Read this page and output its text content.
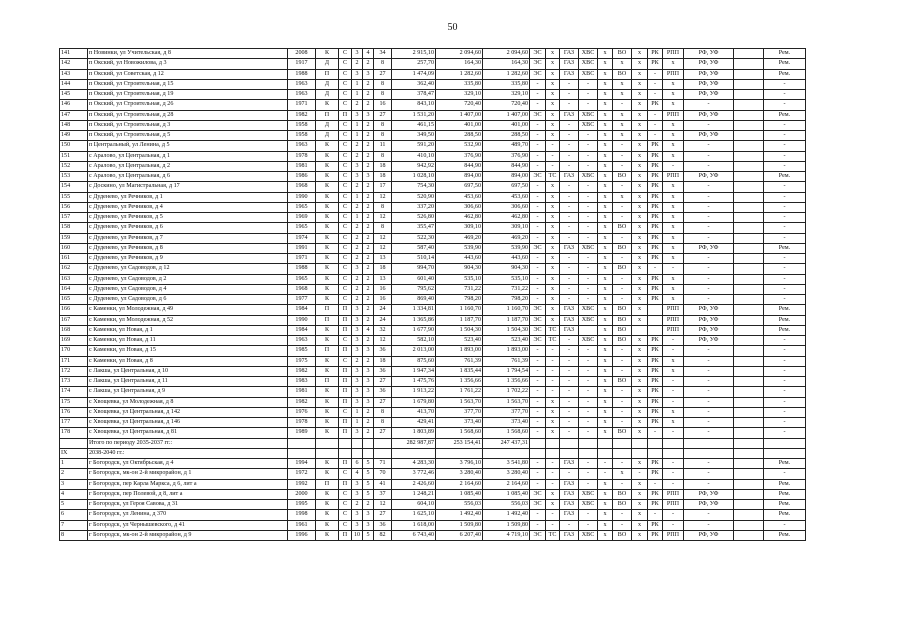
50
141	п Новинки, ул Учительская, д 8	2008	К	С	3	4	34	2 915,10	2 094,60	2 094,60	ЭС	х	ГАЗ	ХВС	х	ВО	х	РК	РПП	РФ, УФ		Рем.
142	п Окский, ул Новожилова, д 3	1917	Д	С	2	2	8	257,70	164,30	164,30	ЭС	х	ГАЗ	ХВС	х	х	х	РК	х	РФ, УФ		Рем.
143	п Окский, ул Советская, д 12	1988	П	С	3	3	27	1 474,09	1 282,60	1 282,60	ЭС	х	ГАЗ	ХВС	х	ВО	х	-	РПП	РФ, УФ		Рем.
144	п Окский, ул Строительная, д 15	1963	Д	С	1	2	8	362,40	335,80	335,80	-	х	-	-	х	х	х	-	х	РФ, УФ		-
145	п Окский, ул Строительная, д 19	1963	Д	С	1	2	8	378,47	329,10	329,10	-	х	-	-	х	х	х	-	х	РФ, УФ		-
146	п Окский, ул Строительная, д 26	1971	К	С	2	2	16	843,10	720,40	720,40	-	х	-	-	х	-	х	РК	х	-		-
147	п Окский, ул Строительная, д 28	1982	П	П	3	3	27	1 531,20	1 407,00	1 407,00	ЭС	х	ГАЗ	ХВС	х	х	х	-	РПП	РФ, УФ		Рем.
148	п Окский, ул Строительная, д 3	1958	Д	С	1	2	8	461,15	401,00	401,00	-	х	-	ХВС	х	х	х	-	х	-		-
149	п Окский, ул Строительная, д 5	1958	Д	С	1	2	8	349,50	288,50	288,50	-	х	-	-	х	х	х	-	х	РФ, УФ		-
150	п Центральный, ул Ленина, д 5	1963	К	С	2	2	11	591,20	532,90	489,70	-	-	-	-	х	-	х	РК	х	-		-
151	с Аралово, ул Центральная, д 1	1978	К	С	2	2	8	410,10	376,90	376,90	-	-	-	-	х	-	х	РК	х	-		-
152	с Аралово, ул Центральная, д 2	1981	К	С	3	2	18	942,92	844,90	844,90	-	-	-	-	х	-	х	РК	-	-		-
153	с Аралово, ул Центральная, д 6	1986	К	С	3	3	18	1 028,10	894,00	894,00	ЭС	ТС	ГАЗ	ХВС	х	ВО	х	РК	РПП	РФ, УФ		Рем.
154	с Доскино, ул Магистральная, д 17	1968	К	С	2	2	17	754,30	697,50	697,50	-	х	-	-	х	-	х	РК	х	-		-
155	с Дуденево, ул Речников, д 1	1990	К	С	1	2	12	520,90	453,60	453,60	-	х	-	-	х	х	х	РК	х	-		-
156	с Дуденево, ул Речников, д 4	1965	К	С	2	2	8	337,20	306,60	306,60	-	х	-	-	х	-	х	РК	х	-		-
157	с Дуденево, ул Речников, д 5	1969	К	С	1	2	12	526,80	462,80	462,80	-	х	-	-	х	-	х	РК	х	-		-
158	с Дуденево, ул Речников, д 6	1965	К	С	2	2	8	355,47	309,10	309,10	-	х	-	-	х	ВО	х	РК	х	-		-
159	с Дуденево, ул Речников, д 7	1974	К	С	2	2	12	522,30	469,20	469,20	-	х	-	-	х	-	х	РК	х	-		-
160	с Дуденево, ул Речников, д 8	1991	К	С	2	2	12	587,40	539,90	539,90	ЭС	х	ГАЗ	ХВС	х	ВО	х	РК	х	РФ, УФ		Рем.
161	с Дуденево, ул Речников, д 9	1971	К	С	2	2	13	510,14	443,60	443,60	-	х	-	-	х	-	х	РК	х	-		-
162	с Дуденево, ул Садоводов, д 12	1988	К	С	3	2	18	994,70	904,30	904,30	-	х	-	-	х	ВО	х	-	-	-		-
163	с Дуденево, ул Садоводов, д 2	1965	К	С	2	2	13	601,40	535,10	535,10	-	х	-	-	х	-	х	РК	х	-		-
164	с Дуденево, ул Садоводов, д 4	1968	К	С	2	2	16	795,62	731,22	731,22	-	х	-	-	х	-	х	РК	х	-		-
165	с Дуденево, ул Садоводов, д 6	1977	К	С	2	2	16	869,40	798,20	798,20	-	х	-	-	х	-	х	РК	х	-		-
166	с Каменки, ул Молодежная, д 49	1984	П	П	3	2	24	1 334,81	1 160,70	1 160,70	ЭС	х	ГАЗ	ХВС	х	ВО	х		РПП	РФ, УФ		Рем.
167	с Каменки, ул Молодежная, д 52	1990	П	П	3	2	24	1 365,86	1 187,70	1 187,70	ЭС	х	ГАЗ	ХВС	х	ВО	х		РПП	РФ, УФ		Рем.
168	с Каменки, ул Новая, д 1	1984	К	П	3	4	32	1 677,90	1 504,30	1 504,30	ЭС	ТС	ГАЗ		х	ВО			РПП	РФ, УФ		Рем.
169	с Каменки, ул Новая, д 11	1963	К	С	3	2	12	582,10	523,40	523,40	ЭС	ТС	-	ХВС	х	ВО	х	РК	-	РФ, УФ		-
170	с Каменки, ул Новая, д 15	1985	П	П	3	3	36	2 013,00	1 893,00	1 893,00	-	-	-	-	х	-	х	РК	-	-		-
171	с Каменки, ул Новая, д 8	1975	К	С	2	2	18	875,60	761,39	761,39	-	-	-	-	х	-	х	РК	х	-		-
172	с Лакша, ул Центральная, д 10	1982	К	П	3	3	36	1 947,34	1 835,44	1 794,54	-	-	-	-	х	-	х	РК	х	-		-
173	с Лакша, ул Центральная, д 11	1983	П	П	3	3	27	1 475,76	1 356,66	1 356,66	-	-	-	-	х	ВО	х	РК	-	-		-
174	с Лакша, ул Центральная, д 9	1981	К	П	3	3	36	1 913,22	1 761,22	1 702,22	-	-	-	-	х	-	х	РК	-	-		-
175	с Хвощевка, ул Молодежная, д 8	1982	К	П	3	3	27	1 679,80	1 563,70	1 563,70	-	х	-	-	х	-	х	РК	-	-		-
176	с Хвощевка, ул Центральная, д 142	1976	К	С	1	2	8	413,70	377,70	377,70	-	х	-	-	х	-	х	РК	х	-		-
177	с Хвощевка, ул Центральная, д 146	1978	К	П	1	2	8	429,41	373,40	373,40	-	х	-	-	х	-	х	РК	х	-		-
178	с Хвощевка, ул Центральная, д 81	1989	К	П	3	2	27	1 803,89	1 568,60	1 568,60	-	х	-	-	х	ВО	х	-	-	-		-
	Итого по периоду 2035-2037 гг.:							282 987,87	253 154,41	247 437,31												
IX	2038-2040 гг.:																					
1	г Богородск, ул Октябрьская, д 4	1994	К	П	6	5	71	4 283,30	3 796,10	3 541,80	-	-	ГАЗ	-	-	-	х	РК	-	-		Рем.
2	г Богородск, мк-он 2-й микрорайон, д 1	1972	К	С	4	5	70	3 772,46	3 280,40	3 280,40	-	-	-	-	-	х	-	РК	-	-		-
3	г Богородск, пер Карла Маркса, д 6, лит а	1992	П	П	3	5	41	2 426,60	2 164,60	2 164,60	-	-	ГАЗ	-	х	-	х	-	-	-		Рем.
4	г Богородск, пер Полевой, д 8, лит а	2000	К	С	3	5	37	1 248,21	1 085,40	1 085,40	ЭС	х	ГАЗ	ХВС	х	ВО	х	РК	РПП	РФ, УФ		Рем.
5	г Богородск, ул Героя Савова, д 31	1995	К	С	2	2	12	604,10	556,03	556,03	ЭС	х	ГАЗ	ХВС	х	ВО	х	РК	РПП	РФ, УФ		Рем.
6	г Богородск, ул Ленина, д 370	1998	К	С	3	3	27	1 625,10	1 492,40	1 492,40	-	-	ГАЗ	-	х	-	х	-	-	-		Рем.
7	г Богородск, ул Чернышевского, д 41	1961	К	С	3	3	36	1 618,00	1 509,80	1 509,80	-	-	-	-	х	-	х	РК	-	-		-
8	г Богородск, мк-он 2-й микрорайон, д 9	1996	К	П	10	5	82	6 743,40	6 207,40	4 719,10	ЭС	ТС	ГАЗ	ХВС	х	ВО	х	РК	РПП	РФ, УФ		Рем.
